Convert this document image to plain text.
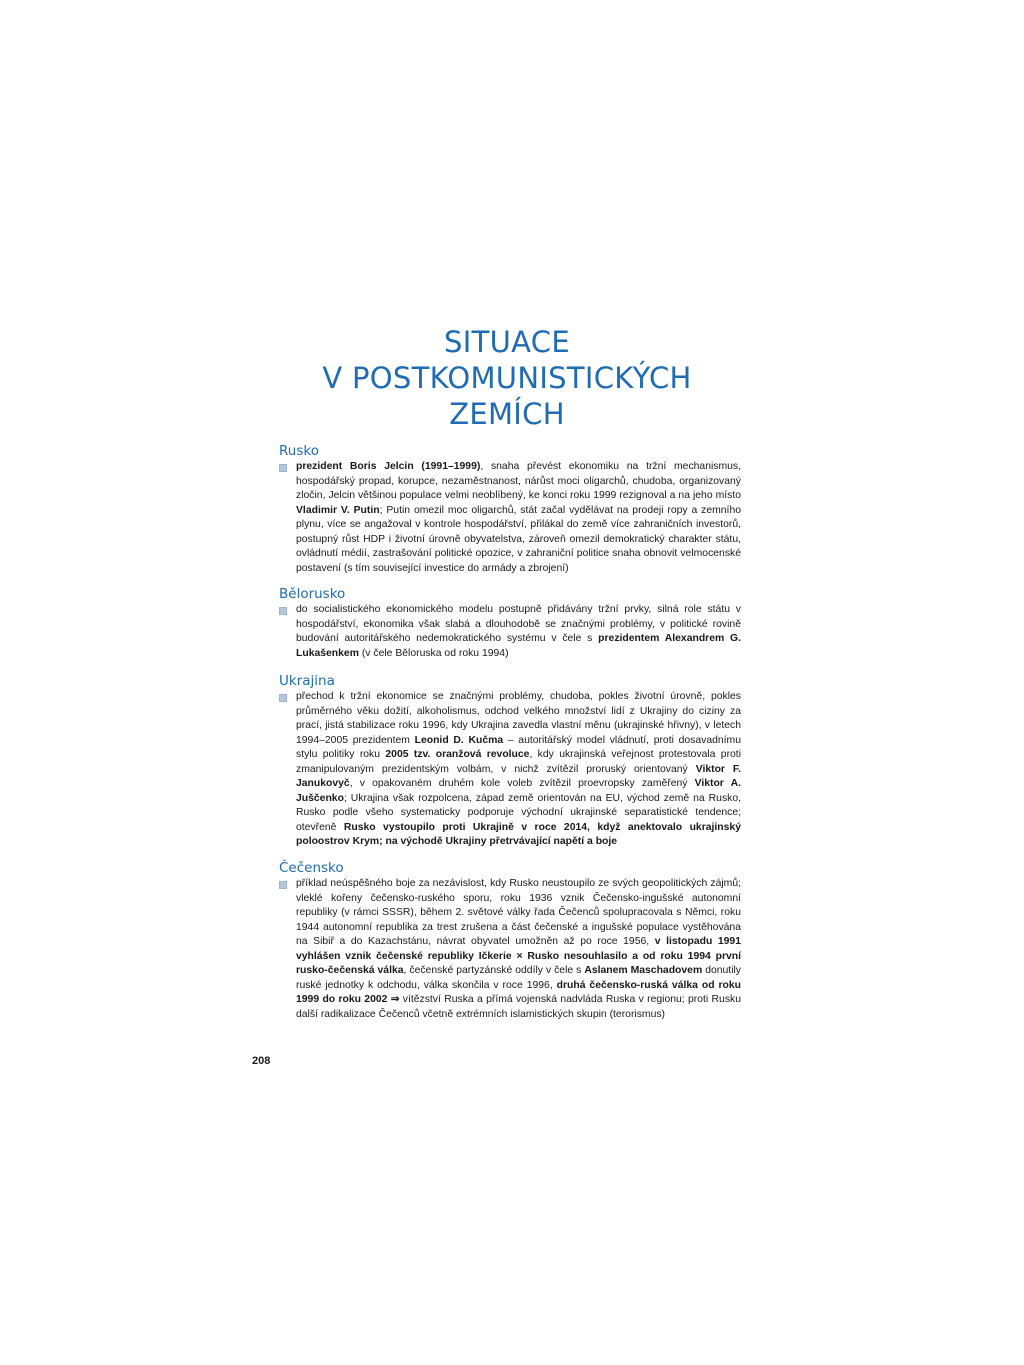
SITUACE
V POSTKOMUNISTICKÝCH
ZEMÍCH
Rusko

prezident Boris Jelcin (1991–1999), snaha převést ekonomiku na tržní mechanismus, hospodářský propad, korupce, nezaměstnanost, nárůst moci oligarchů, chudoba, organizovaný zločin, Jelcin většinou populace velmi neoblíbený, ke konci roku 1999 rezignoval a na jeho místo Vladimir V. Putin; Putin omezil moc oligarchů, stát začal vydělávat na prodeji ropy a zemního plynu, více se angažoval v kontrole hospodářství, přilákal do země více zahraničních investorů, postupný růst HDP i životní úrovně obyvatelstva, zároveň omezil demokratický charakter státu, ovládnutí médií, zastrašování politické opozice, v zahraniční politice snaha obnovit velmocenské postavení (s tím související investice do armády a zbrojení)

Bělorusko

do socialistického ekonomického modelu postupně přidávány tržní prvky, silná role státu v hospodářství, ekonomika však slabá a dlouhodobě se značnými problémy, v politické rovině budování autoritářského nedemokratického systému v čele s prezidentem Alexandrem G. Lukašenkem (v čele Běloruska od roku 1994)

Ukrajina

přechod k tržní ekonomice se značnými problémy, chudoba, pokles životní úrovně, pokles průměrného věku dožití, alkoholismus, odchod velkého množství lidí z Ukrajiny do ciziny za prací, jistá stabilizace roku 1996, kdy Ukrajina zavedla vlastní měnu (ukrajinské hřivny), v letech 1994–2005 prezidentem Leonid D. Kučma – autoritářský model vládnutí, proti dosavadnímu stylu politiky roku 2005 tzv. oranžová revoluce, kdy ukrajinská veřejnost protestovala proti zmanipulovaným prezidentským volbám, v nichž zvítězil proruský orientovaný Viktor F. Janukovyč, v opakovaném druhém kole voleb zvítězil proevropsky zaměřený Viktor A. Juščenko; Ukrajina však rozpolcena, západ země orientován na EU, východ země na Rusko, Rusko podle všeho systematicky podporuje východní ukrajinské separatistické tendence; otevřeně Rusko vystoupilo proti Ukrajině v roce 2014, když anektovalo ukrajinský poloostrov Krym; na východě Ukrajiny přetrvávající napětí a boje

Čečensko

příklad neúspěšného boje za nezávislost, kdy Rusko neustoupilo ze svých geopolitických zájmů; vleklé kořeny čečensko-ruského sporu, roku 1936 vznik Čečensko-ingušské autonomní republiky (v rámci SSSR), během 2. světové války řada Čečenců spolupracovala s Němci, roku 1944 autonomní republika za trest zrušena a část čečenské a ingušské populace vystěhována na Sibiř a do Kazachstánu, návrat obyvatel umožněn až po roce 1956, v listopadu 1991 vyhlášen vznik čečenské republiky Ičkerie × Rusko nesouhlasilo a od roku 1994 první rusko-čečenská válka, čečenské partyzánské oddíly v čele s Aslanem Maschadovem donutily ruské jednotky k odchodu, válka skončila v roce 1996, druhá čečensko-ruská válka od roku 1999 do roku 2002 ⇒ vítězství Ruska a přímá vojenská nadvláda Ruska v regionu; proti Rusku další radikalizace Čečenců včetně extrémních islamistických skupin (terorismus)

208
